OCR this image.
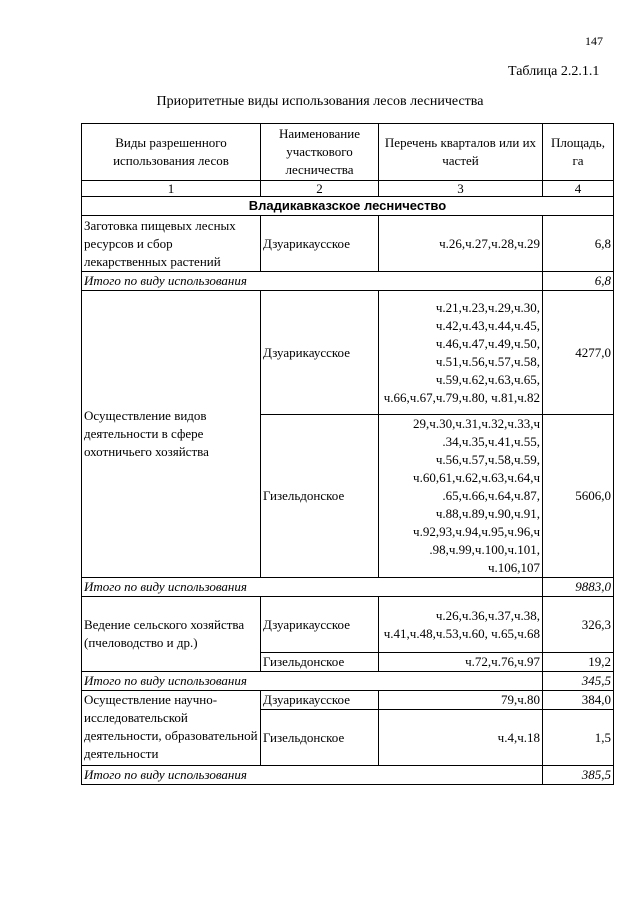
147
Таблица 2.2.1.1
Приоритетные виды использования лесов лесничества
Виды разрешенного использования лесов	Наименование участкового лесничества	Перечень кварталов или их частей	Площадь, га
1	2	3	4
Владикавказское лесничество			
Заготовка пищевых лесных ресурсов и сбор лекарственных растений	Дзуарикаусское	ч.26,ч.27,ч.28,ч.29	6,8
Итого по виду использования			6,8
Осуществление видов деятельности в сфере охотничьего хозяйства	Дзуарикаусское	ч.21,ч.23,ч.29,ч.30, ч.42,ч.43,ч.44,ч.45, ч.46,ч.47,ч.49,ч.50, ч.51,ч.56,ч.57,ч.58, ч.59,ч.62,ч.63,ч.65, ч.66,ч.67,ч.79,ч.80, ч.81,ч.82	4277,0
	Гизельдонское	29,ч.30,ч.31,ч.32,ч.33,ч .34,ч.35,ч.41,ч.55, ч.56,ч.57,ч.58,ч.59, ч.60,61,ч.62,ч.63,ч.64,ч .65,ч.66,ч.64,ч.87, ч.88,ч.89,ч.90,ч.91, ч.92,93,ч.94,ч.95,ч.96,ч .98,ч.99,ч.100,ч.101, ч.106,107	5606,0
Итого по виду использования			9883,0
Ведение сельского хозяйства (пчеловодство и др.)	Дзуарикаусское	ч.26,ч.36,ч.37,ч.38, ч.41,ч.48,ч.53,ч.60, ч.65,ч.68	326,3
	Гизельдонское	ч.72,ч.76,ч.97	19,2
Итого по виду использования			345,5
Осуществление научно-исследовательской деятельности, образовательной деятельности	Дзуарикаусское	79,ч.80	384,0
	Гизельдонское	ч.4,ч.18	1,5
Итого по виду использования			385,5
